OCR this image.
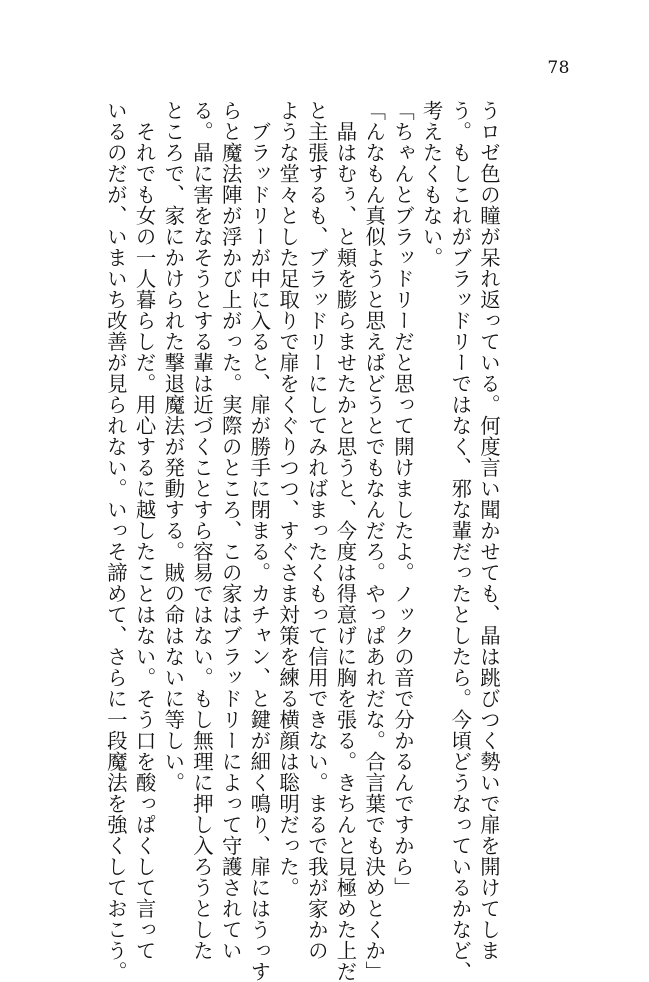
78
うロゼ色の瞳が呆れ返っている。何度言い聞かせても、晶は跳びつく勢いで扉を開けてしま
う。もしこれがブラッドリーではなく、邪な輩だったとしたら。今頃どうなっているかなど、
考えたくもない。
「ちゃんとブラッドリーだと思って開けましたよ。ノックの音で分かるんですから」
「んなもん真似ようと思えばどうとでもなんだろ。やっぱあれだな。合言葉でも決めとくか」
　晶はむぅ、と頬を膨らませたかと思うと、今度は得意げに胸を張る。きちんと見極めた上だ
と主張するも、ブラッドリーにしてみればまったくもって信用できない。まるで我が家かの
ような堂々とした足取りで扉をくぐりつつ、すぐさま対策を練る横顔は聡明だった。
　ブラッドリーが中に入ると、扉が勝手に閉まる。カチャン、と鍵が細く鳴り、扉にはうっす
らと魔法陣が浮かび上がった。実際のところ、この家はブラッドリーによって守護されてい
る。晶に害をなそうとする輩は近づくことすら容易ではない。もし無理に押し入ろうとした
ところで、家にかけられた撃退魔法が発動する。賊の命はないに等しい。
　それでも女の一人暮らしだ。用心するに越したことはない。そう口を酸っぱくして言って
いるのだが、いまいち改善が見られない。いっそ諦めて、さらに一段魔法を強くしておこう。
